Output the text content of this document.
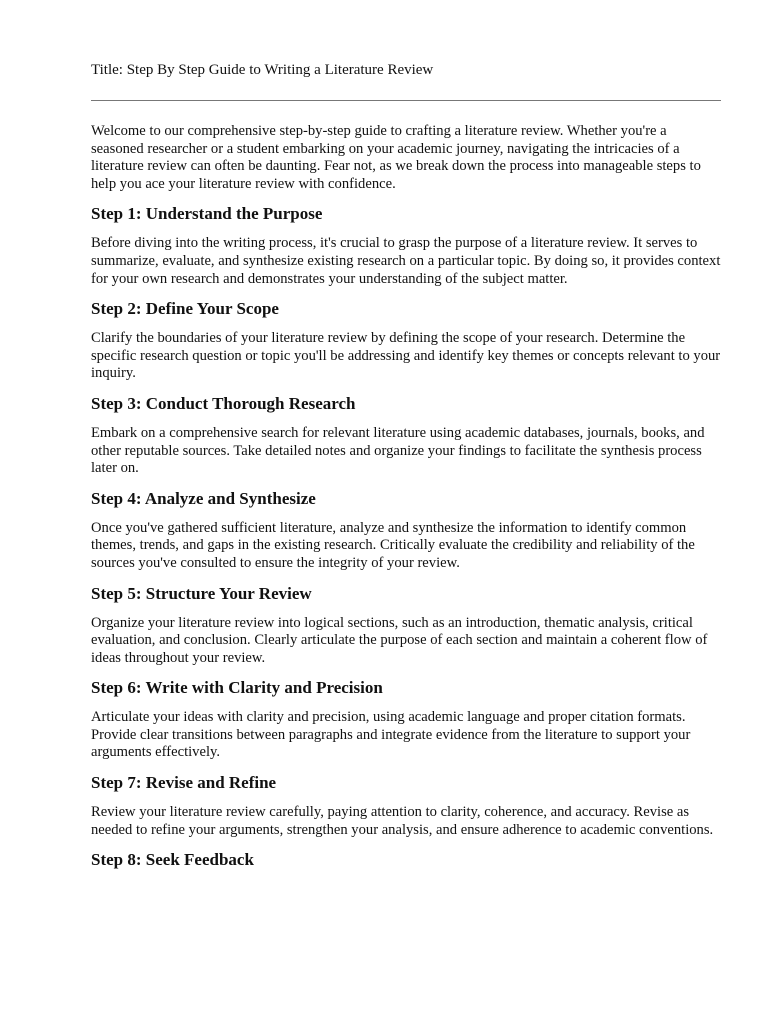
Title: Step By Step Guide to Writing a Literature Review

Welcome to our comprehensive step-by-step guide to crafting a literature review. Whether you're a seasoned researcher or a student embarking on your academic journey, navigating the intricacies of a literature review can often be daunting. Fear not, as we break down the process into manageable steps to help you ace your literature review with confidence.

Step 1: Understand the Purpose

Before diving into the writing process, it's crucial to grasp the purpose of a literature review. It serves to summarize, evaluate, and synthesize existing research on a particular topic. By doing so, it provides context for your own research and demonstrates your understanding of the subject matter.

Step 2: Define Your Scope

Clarify the boundaries of your literature review by defining the scope of your research. Determine the specific research question or topic you'll be addressing and identify key themes or concepts relevant to your inquiry.

Step 3: Conduct Thorough Research

Embark on a comprehensive search for relevant literature using academic databases, journals, books, and other reputable sources. Take detailed notes and organize your findings to facilitate the synthesis process later on.

Step 4: Analyze and Synthesize

Once you've gathered sufficient literature, analyze and synthesize the information to identify common themes, trends, and gaps in the existing research. Critically evaluate the credibility and reliability of the sources you've consulted to ensure the integrity of your review.

Step 5: Structure Your Review

Organize your literature review into logical sections, such as an introduction, thematic analysis, critical evaluation, and conclusion. Clearly articulate the purpose of each section and maintain a coherent flow of ideas throughout your review.

Step 6: Write with Clarity and Precision

Articulate your ideas with clarity and precision, using academic language and proper citation formats. Provide clear transitions between paragraphs and integrate evidence from the literature to support your arguments effectively.

Step 7: Revise and Refine

Review your literature review carefully, paying attention to clarity, coherence, and accuracy. Revise as needed to refine your arguments, strengthen your analysis, and ensure adherence to academic conventions.

Step 8: Seek Feedback
